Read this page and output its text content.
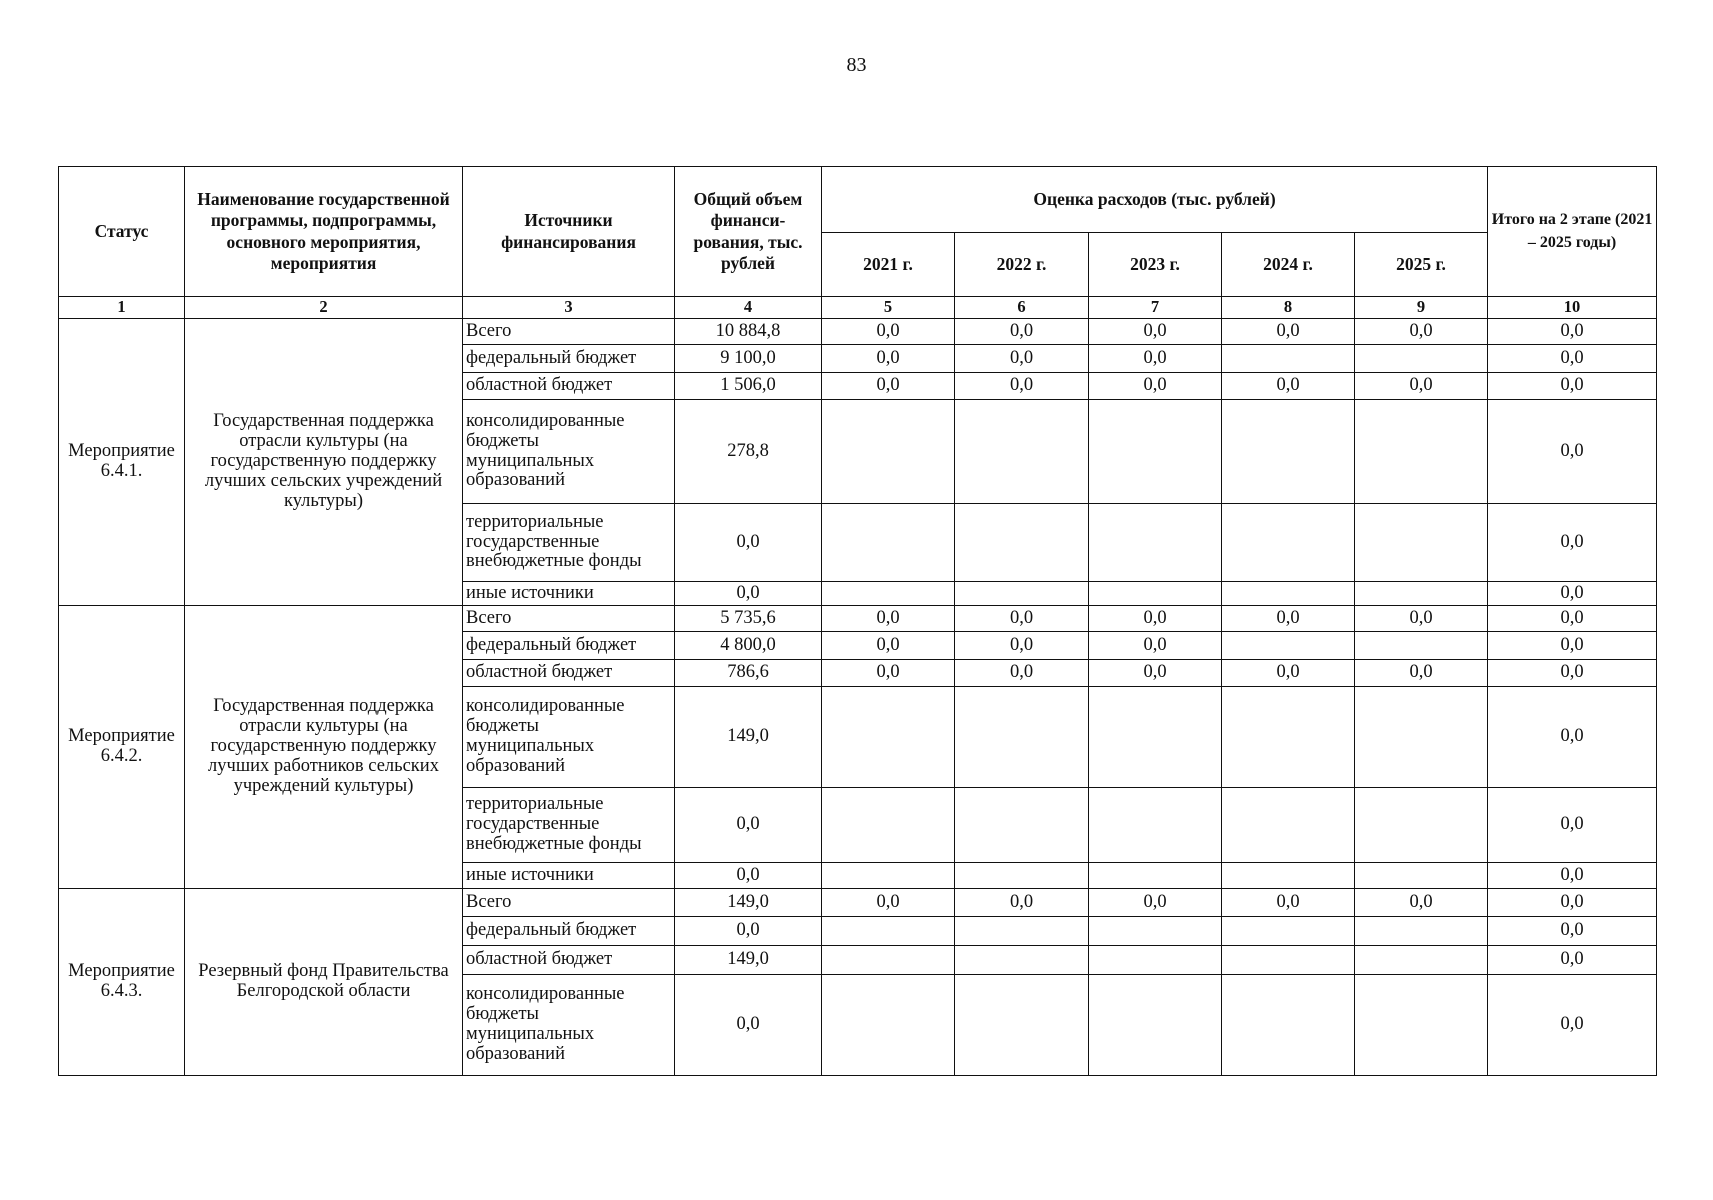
83
Статус	Наименование государственной программы, подпрограммы, основного мероприятия, мероприятия	Источники финансирования	Общий объем финанси-рования, тыс. рублей	Оценка расходов (тыс. рублей)					Итого на 2 этапе (2021 – 2025 годы)
				2021 г.	2022 г.	2023 г.	2024 г.	2025 г.	
1	2	3	4	5	6	7	8	9	10
Мероприятие 6.4.1.	Государственная поддержка отрасли культуры (на государственную поддержку лучших сельских учреждений культуры)	Всего	10 884,8	0,0	0,0	0,0	0,0	0,0	0,0
		федеральный бюджет	9 100,0	0,0	0,0	0,0			0,0
		областной бюджет	1 506,0	0,0	0,0	0,0	0,0	0,0	0,0
		консолидированные бюджеты муниципальных образований	278,8						0,0
		территориальные государственные внебюджетные фонды	0,0						0,0
		иные источники	0,0						0,0
Мероприятие 6.4.2.	Государственная поддержка отрасли культуры (на государственную поддержку лучших работников сельских учреждений культуры)	Всего	5 735,6	0,0	0,0	0,0	0,0	0,0	0,0
		федеральный бюджет	4 800,0	0,0	0,0	0,0			0,0
		областной бюджет	786,6	0,0	0,0	0,0	0,0	0,0	0,0
		консолидированные бюджеты муниципальных образований	149,0						0,0
		территориальные государственные внебюджетные фонды	0,0						0,0
		иные источники	0,0						0,0
Мероприятие 6.4.3.	Резервный фонд Правительства Белгородской области	Всего	149,0	0,0	0,0	0,0	0,0	0,0	0,0
		федеральный бюджет	0,0						0,0
		областной бюджет	149,0						0,0
		консолидированные бюджеты муниципальных образований	0,0						0,0
